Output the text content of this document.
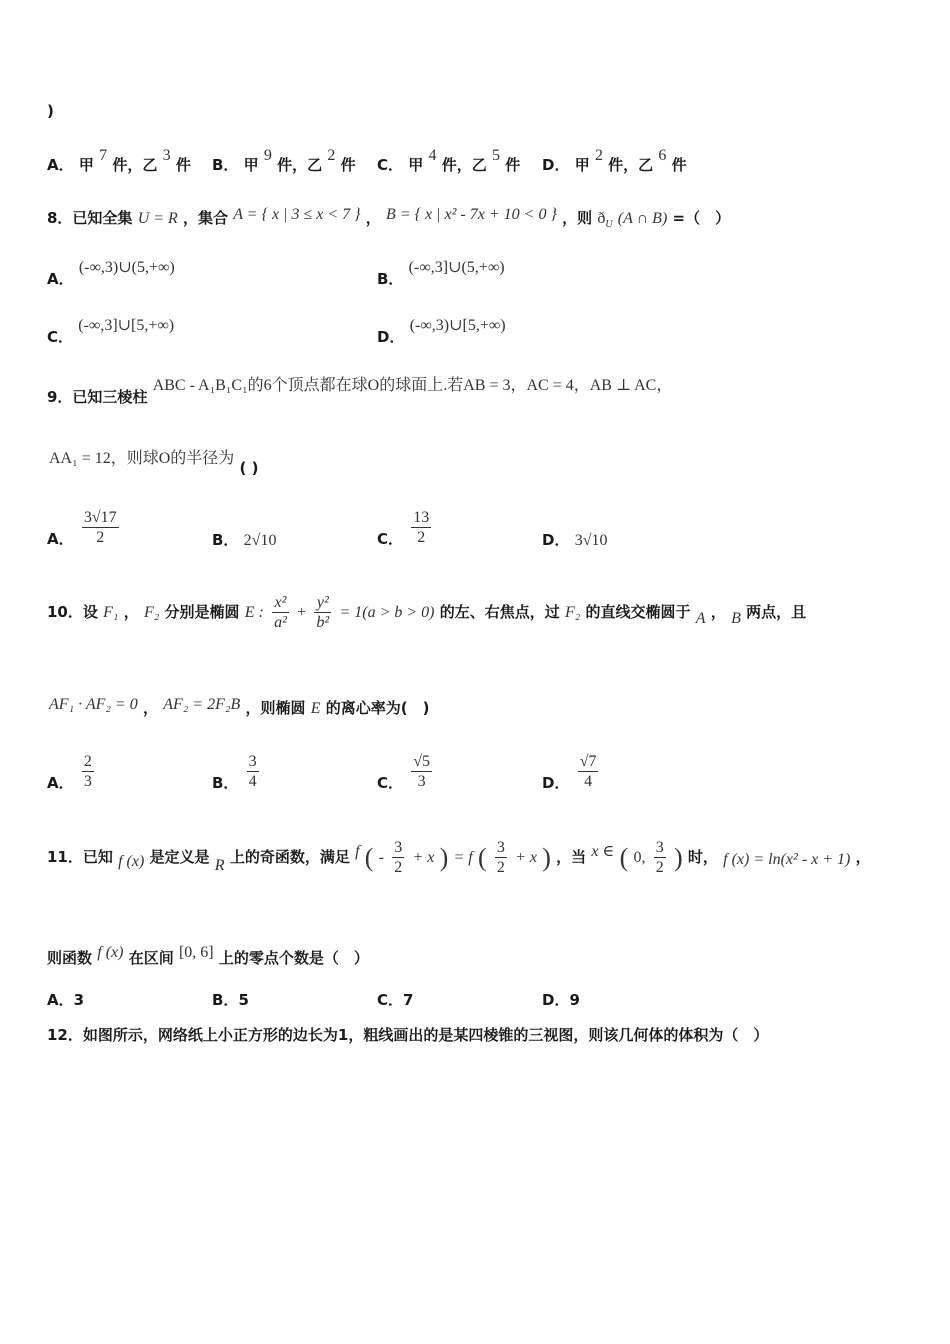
)
A． 甲 $^7$ 件，乙 $^3$ 件 B． 甲 $^9$ 件，乙 $^2$ 件 C． 甲 $^4$ 件，乙 $^5$ 件 D． 甲 $^2$ 件，乙 $^6$ 件
8．已知全集 U = R ，集合 A = { x | 3 ≤ x < 7 } ， B = { x | x² - 7x + 10 < 0 } ，则 $ð_U$ (A ∩ B) =（　）
A． (-∞,3)∪(5,+∞)
B． (-∞,3]∪(5,+∞)
C． (-∞,3]∪[5,+∞)
D． (-∞,3)∪[5,+∞)
9．已知三棱柱 ABC - A₁B₁C₁的6个顶点都在球O的球面上.若AB = 3，AC = 4，AB ⊥ AC，
AA₁ = 12，则球O的半径为 ( )
A． $\frac{3√17}{2}$	B． 2√10	C． $\frac{13}{2}$	D． 3√10
10．设 F₁ ， F₂ 分别是椭圆 E : $\frac{\text{x²}}{\text{a²}} + \frac{\text{y²}}{\text{b²}} = 1(a > b > 0)$ 的左、右焦点，过 F₂ 的直线交椭圆于 A ， B 两点，且
AF₁ · AF₂ = 0 ， AF₂ = 2F₂B ，则椭圆 E 的离心率为(　)
A． $\frac{2}{3}$	B． $\frac{3}{4}$	C． $\frac{√5}{3}$	D． $\frac{√7}{4}$
11．已知 f (x) 是定义是 R 上的奇函数，满足 f ( - $\frac{3}{2} + x$ ) = f ( $\frac{3}{2} + x$ ) ，当 x ∈ ( 0, $\frac{3}{2}$ ) 时， f (x) = ln(x² - x + 1) ，
则函数 f (x) 在区间 [0, 6] 上的零点个数是（　）
A．3	B．5	C．7	D．9
12．如图所示，网络纸上小正方形的边长为1，粗线画出的是某四棱锥的三视图，则该几何体的体积为（　）
